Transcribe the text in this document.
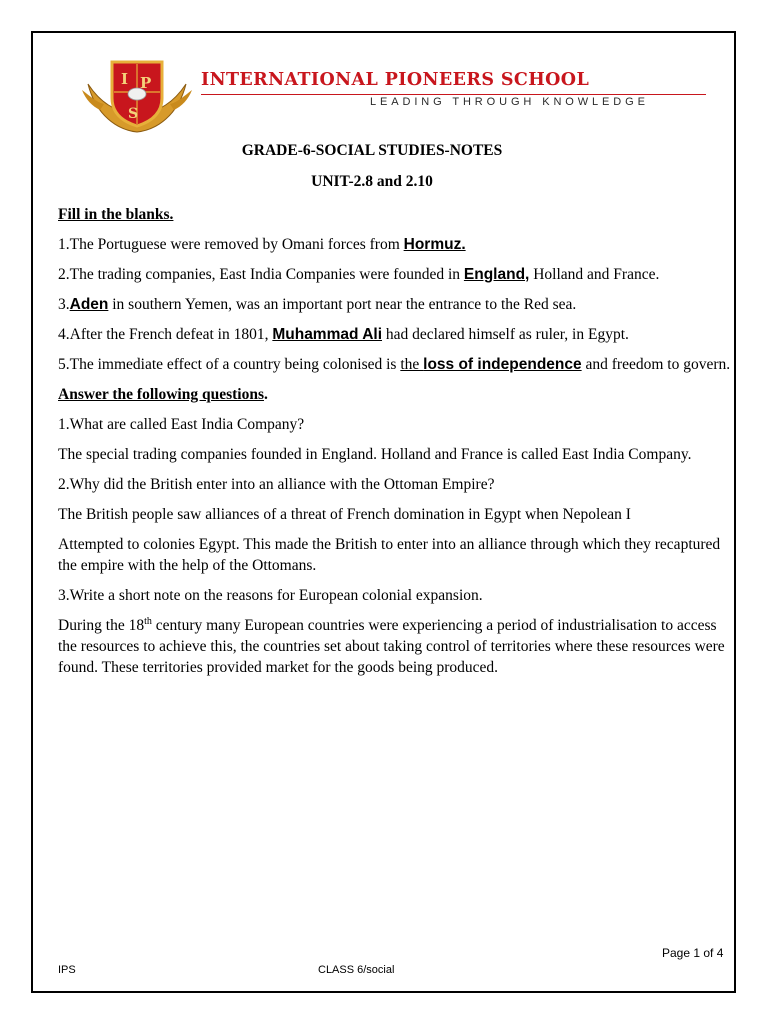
I P
S
INTERNATIONAL PIONEERS SCHOOL
LEADING THROUGH KNOWLEDGE
GRADE-6-SOCIAL STUDIES-NOTES
UNIT-2.8 and 2.10
Fill in the blanks.
1.The Portuguese were removed by Omani forces from Hormuz.
2.The trading companies, East India Companies were founded in England, Holland and France.
3.Aden in southern Yemen, was an important port near the entrance to the Red sea.
4.After the French defeat in 1801, Muhammad Ali had declared himself as ruler, in Egypt.
5.The immediate effect of a country being colonised is the loss of independence and freedom to govern.
Answer the following questions.
1.What are called East India Company?
The special trading companies founded in England. Holland and France is called East India Company.
2.Why did the British enter into an alliance with the Ottoman Empire?
The British people saw alliances of a threat of French domination in Egypt when Nepolean I
Attempted to colonies Egypt. This made the British to enter into an alliance through which they recaptured the empire with the help of the Ottomans.
3.Write a short note on the reasons for European colonial expansion.
During the 18th century many European countries were experiencing a period of industrialisation to access the resources to achieve this, the countries set about taking control of territories where these resources were found. These territories provided market for the goods being produced.
Page 1 of 4
IPS	CLASS 6/social
